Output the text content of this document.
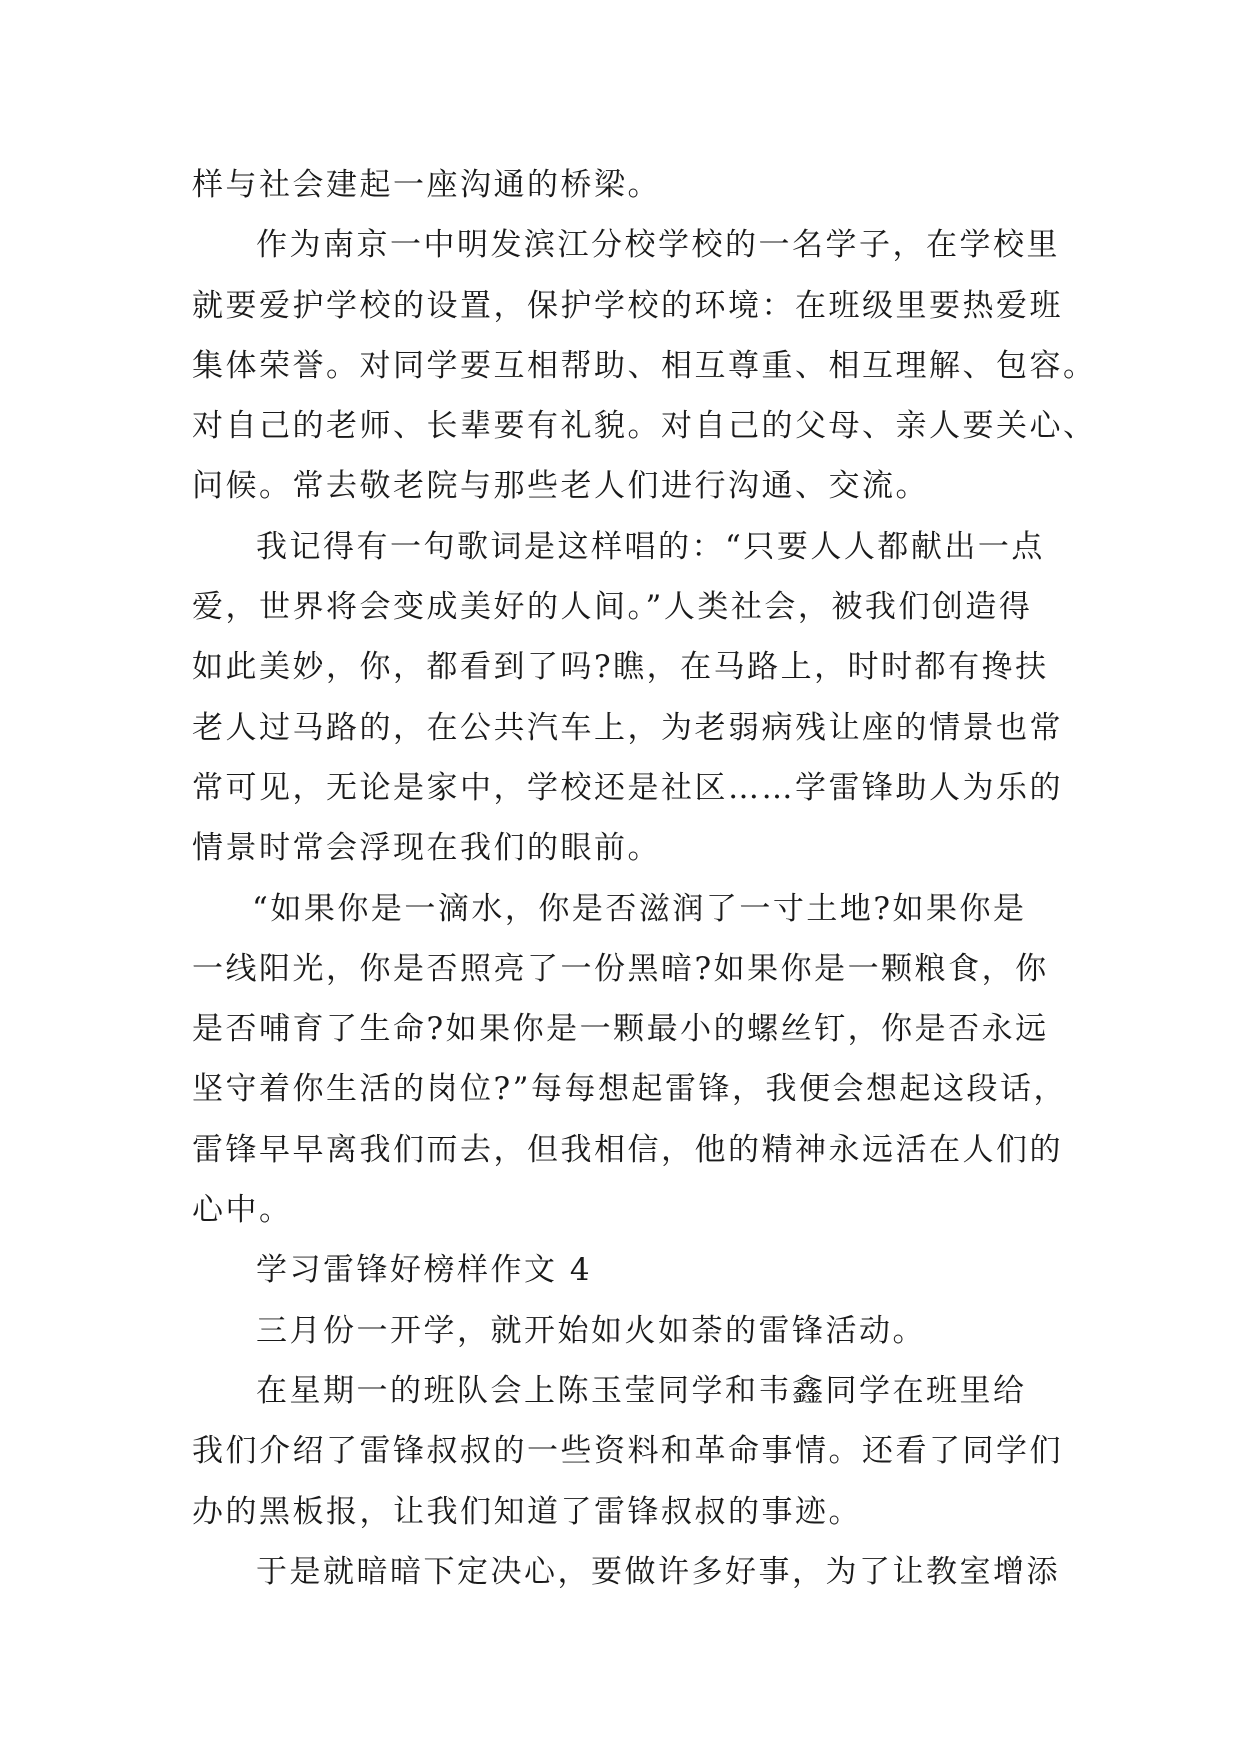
样与社会建起一座沟通的桥梁。
作为南京一中明发滨江分校学校的一名学子，在学校里
就要爱护学校的设置，保护学校的环境：在班级里要热爱班
集体荣誉。对同学要互相帮助、相互尊重、相互理解、包容。
对自己的老师、长辈要有礼貌。对自己的父母、亲人要关心、
问候。常去敬老院与那些老人们进行沟通、交流。
我记得有一句歌词是这样唱的：“只要人人都献出一点
爱，世界将会变成美好的人间。”人类社会，被我们创造得
如此美妙，你，都看到了吗?瞧，在马路上，时时都有搀扶
老人过马路的，在公共汽车上，为老弱病残让座的情景也常
常可见，无论是家中，学校还是社区……学雷锋助人为乐的
情景时常会浮现在我们的眼前。
“如果你是一滴水，你是否滋润了一寸土地?如果你是
一线阳光，你是否照亮了一份黑暗?如果你是一颗粮食，你
是否哺育了生命?如果你是一颗最小的螺丝钉，你是否永远
坚守着你生活的岗位?”每每想起雷锋，我便会想起这段话，
雷锋早早离我们而去，但我相信，他的精神永远活在人们的
心中。
学习雷锋好榜样作文 4
三月份一开学，就开始如火如荼的雷锋活动。
在星期一的班队会上陈玉莹同学和韦鑫同学在班里给
我们介绍了雷锋叔叔的一些资料和革命事情。还看了同学们
办的黑板报，让我们知道了雷锋叔叔的事迹。
于是就暗暗下定决心，要做许多好事，为了让教室增添
